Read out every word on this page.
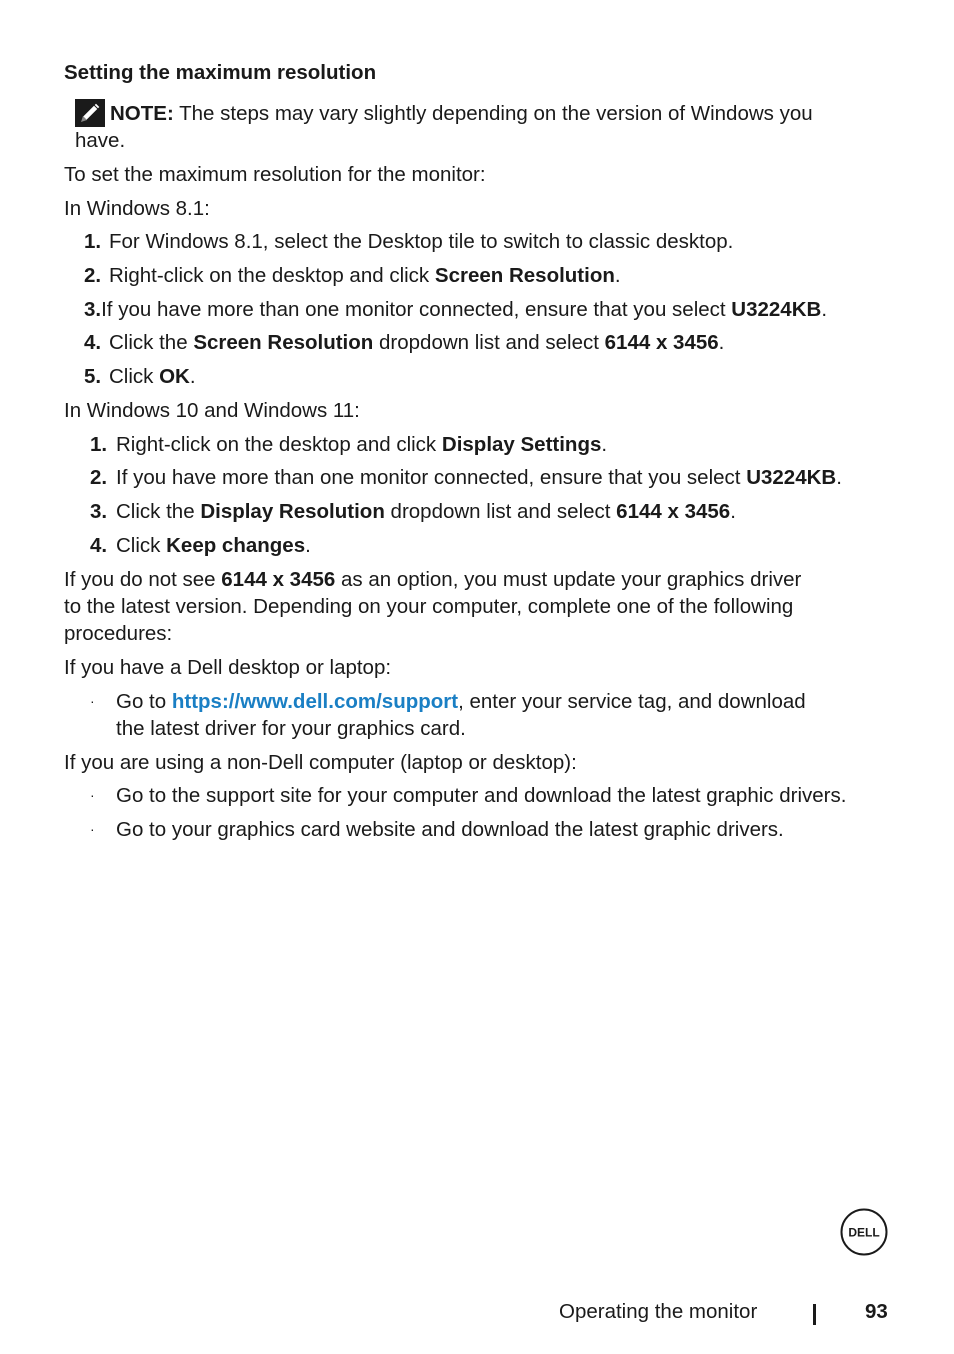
Setting the maximum resolution
NOTE: The steps may vary slightly depending on the version of Windows you
have.
To set the maximum resolution for the monitor:
In Windows 8.1:
1. For Windows 8.1, select the Desktop tile to switch to classic desktop.
2. Right-click on the desktop and click Screen Resolution.
3.If you have more than one monitor connected, ensure that you select U3224KB.
4. Click the Screen Resolution dropdown list and select 6144 x 3456.
5. Click OK.
In Windows 10 and Windows 11:
1. Right-click on the desktop and click Display Settings.
2. If you have more than one monitor connected, ensure that you select U3224KB.
3. Click the Display Resolution dropdown list and select 6144 x 3456.
4. Click Keep changes.
If you do not see 6144 x 3456 as an option, you must update your graphics driver
to the latest version. Depending on your computer, complete one of the following
procedures:
If you have a Dell desktop or laptop:
· Go to https://www.dell.com/support, enter your service tag, and download
the latest driver for your graphics card.
If you are using a non-Dell computer (laptop or desktop):
· Go to the support site for your computer and download the latest graphic drivers.
· Go to your graphics card website and download the latest graphic drivers.
DELL
Operating the monitor	93
